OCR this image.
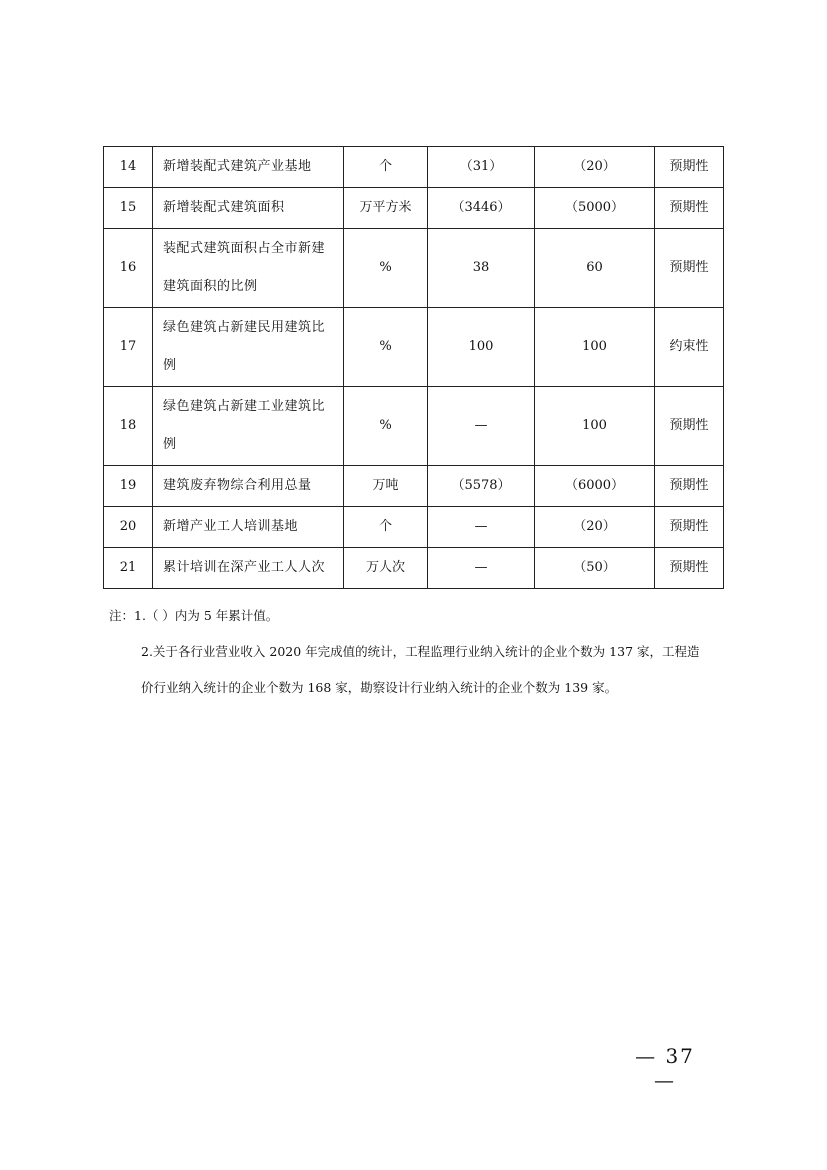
14	新增装配式建筑产业基地	个	（31）	（20）	预期性
15	新增装配式建筑面积	万平方米	（3446）	（5000）	预期性
16	装配式建筑面积占全市新建建筑面积的比例	%	38	60	预期性
17	绿色建筑占新建民用建筑比例	%	100	100	约束性
18	绿色建筑占新建工业建筑比例	%	—	100	预期性
19	建筑废弃物综合利用总量	万吨	（5578）	（6000）	预期性
20	新增产业工人培训基地	个	—	（20）	预期性
21	累计培训在深产业工人人次	万人次	—	（50）	预期性

注：1.（ ）内为 5 年累计值。

2.关于各行业营业收入 2020 年完成值的统计，工程监理行业纳入统计的企业个数为 137 家，工程造

价行业纳入统计的企业个数为 168 家，勘察设计行业纳入统计的企业个数为 139 家。

— 37 —
